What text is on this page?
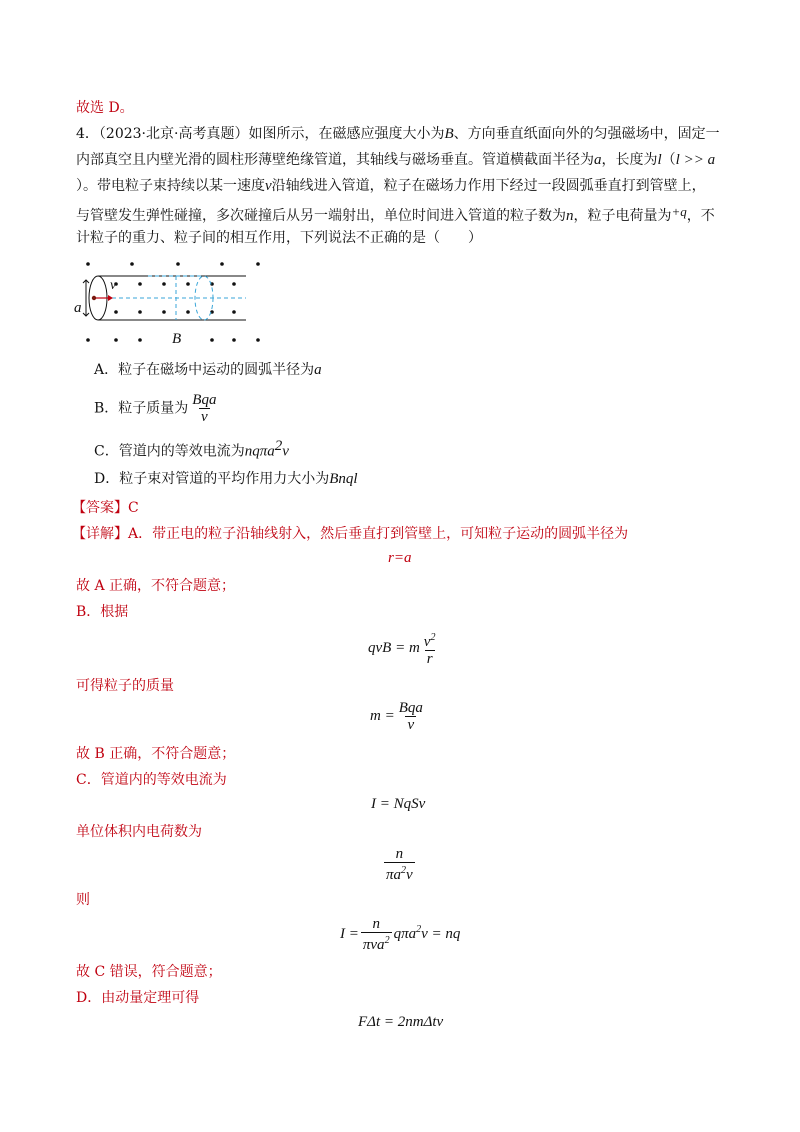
故选 D。
4．（2023·北京·高考真题）如图所示，在磁感应强度大小为B、方向垂直纸面向外的匀强磁场中，固定一
内部真空且内壁光滑的圆柱形薄壁绝缘管道，其轴线与磁场垂直。管道横截面半径为a，长度为l（l >> a
）。带电粒子束持续以某一速度v沿轴线进入管道，粒子在磁场力作用下经过一段圆弧垂直打到管壁上，
与管壁发生弹性碰撞，多次碰撞后从另一端射出，单位时间进入管道的粒子数为n，粒子电荷量为+q，不
计粒子的重力、粒子间的相互作用，下列说法不正确的是（　　）
v
a
B
A．粒子在磁场中运动的圆弧半径为a
B．粒子质量为 $\frac{\text{Bqa}}{v}$
C．管道内的等效电流为nqπa$^2$v
D．粒子束对管道的平均作用力大小为Bnql
【答案】C
【详解】A．带正电的粒子沿轴线射入，然后垂直打到管壁上，可知粒子运动的圆弧半径为
r=a
故 A 正确，不符合题意；
B．根据
qvB = m $\frac{v^2}{r}$
可得粒子的质量
$m = \frac{\text{Bqa}}{v}$
故 B 正确，不符合题意；
C．管道内的等效电流为
I = NqSv
单位体积内电荷数为
$\frac{n}{\pi a^2v}$
则
$I = \frac{n}{\pi va^2} q\pi a^2v$ = nq
故 C 错误，符合题意；
D．由动量定理可得
FΔt = 2nmΔtv
